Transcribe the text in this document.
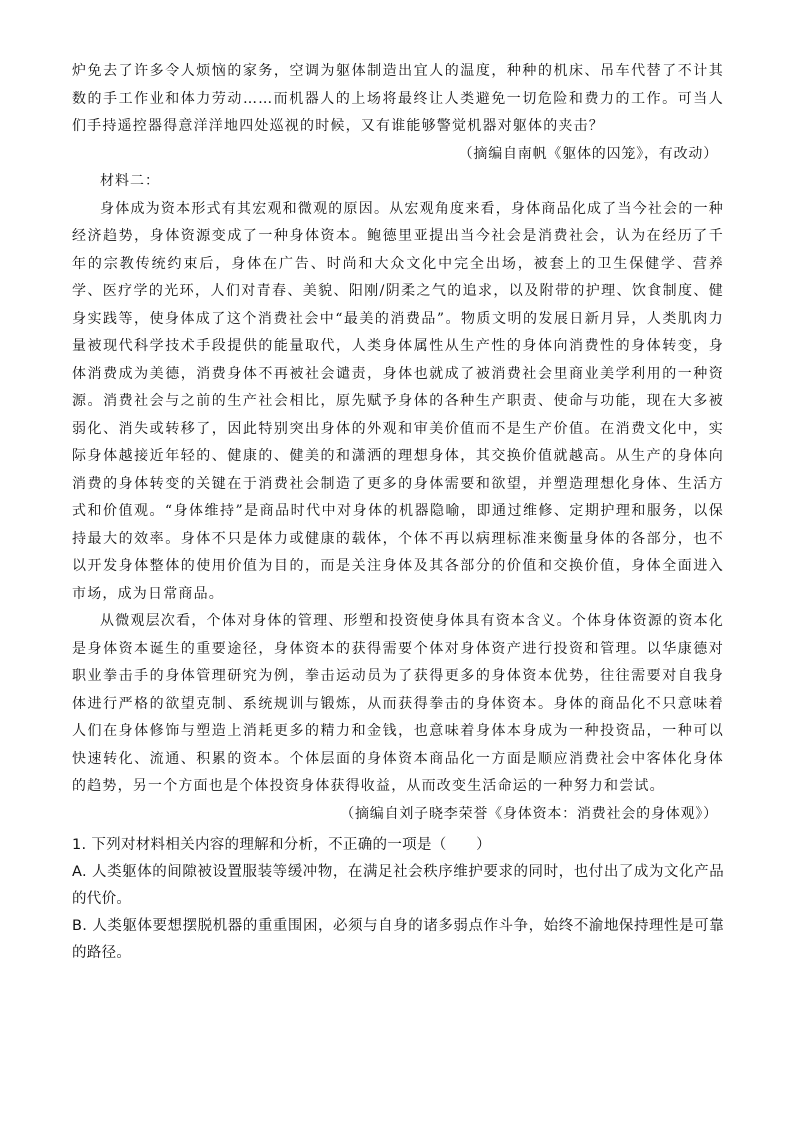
炉免去了许多令人烦恼的家务，空调为躯体制造出宜人的温度，种种的机床、吊车代替了不计其数的手工作业和体力劳动……而机器人的上场将最终让人类避免一切危险和费力的工作。可当人们手持遥控器得意洋洋地四处巡视的时候，又有谁能够警觉机器对躯体的夹击？

（摘编自南帆《躯体的囚笼》，有改动）

材料二：

身体成为资本形式有其宏观和微观的原因。从宏观角度来看，身体商品化成了当今社会的一种经济趋势，身体资源变成了一种身体资本。鲍德里亚提出当今社会是消费社会，认为在经历了千年的宗教传统约束后，身体在广告、时尚和大众文化中完全出场，被套上的卫生保健学、营养学、医疗学的光环，人们对青春、美貌、阳刚/阴柔之气的追求，以及附带的护理、饮食制度、健身实践等，使身体成了这个消费社会中“最美的消费品”。物质文明的发展日新月异，人类肌肉力量被现代科学技术手段提供的能量取代，人类身体属性从生产性的身体向消费性的身体转变，身体消费成为美德，消费身体不再被社会谴责，身体也就成了被消费社会里商业美学利用的一种资源。消费社会与之前的生产社会相比，原先赋予身体的各种生产职责、使命与功能，现在大多被弱化、消失或转移了，因此特别突出身体的外观和审美价值而不是生产价值。在消费文化中，实际身体越接近年轻的、健康的、健美的和潇洒的理想身体，其交换价值就越高。从生产的身体向消费的身体转变的关键在于消费社会制造了更多的身体需要和欲望，并塑造理想化身体、生活方式和价值观。“身体维持”是商品时代中对身体的机器隐喻，即通过维修、定期护理和服务，以保持最大的效率。身体不只是体力或健康的载体，个体不再以病理标准来衡量身体的各部分，也不以开发身体整体的使用价值为目的，而是关注身体及其各部分的价值和交换价值，身体全面进入市场，成为日常商品。

从微观层次看，个体对身体的管理、形塑和投资使身体具有资本含义。个体身体资源的资本化是身体资本诞生的重要途径，身体资本的获得需要个体对身体资产进行投资和管理。以华康德对职业拳击手的身体管理研究为例，拳击运动员为了获得更多的身体资本优势，往往需要对自我身体进行严格的欲望克制、系统规训与锻炼，从而获得拳击的身体资本。身体的商品化不只意味着人们在身体修饰与塑造上消耗更多的精力和金钱，也意味着身体本身成为一种投资品，一种可以快速转化、流通、积累的资本。个体层面的身体资本商品化一方面是顺应消费社会中客体化身体的趋势，另一个方面也是个体投资身体获得收益，从而改变生活命运的一种努力和尝试。

（摘编自刘子晓李荣誉《身体资本：消费社会的身体观》）

1. 下列对材料相关内容的理解和分析，不正确的一项是（　　）

A. 人类躯体的间隙被设置服装等缓冲物，在满足社会秩序维护要求的同时，也付出了成为文化产品的代价。

B. 人类躯体要想摆脱机器的重重围困，必须与自身的诸多弱点作斗争，始终不渝地保持理性是可靠的路径。
